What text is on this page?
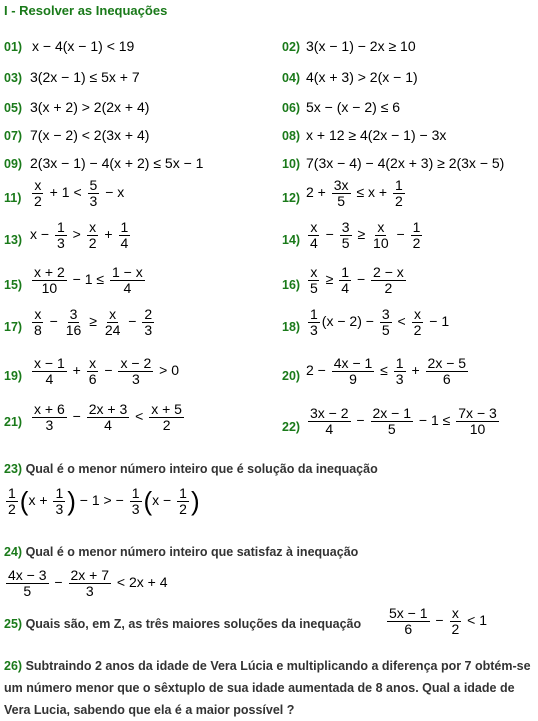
I - Resolver as Inequações
01) x − 4(x − 1) < 19	02) 3(x − 1) − 2x ≥ 10
03) 3(2x − 1) ≤ 5x + 7	04) 4(x + 3) > 2(x − 1)
05) 3(x + 2) > 2(2x + 4)	06) 5x − (x − 2) ≤ 6
07) 7(x − 2) < 2(3x + 4)	08) x + 12 ≥ 4(2x − 1) − 3x
09) 2(3x − 1) − 4(x + 2) ≤ 5x − 1	10) 7(3x − 4) − 4(2x + 3) ≥ 2(3x − 5)
$11) \frac{x}{2} + 1 < \frac{5}{3} - x$	12) $2 + \frac{3x}{5} \le x + \frac{1}{2}$
13) $x - \frac{1}{3} > \frac{x}{2} + \frac{1}{4}$	$14) \frac{x}{4} - \frac{3}{5} \ge \frac{x}{10} - \frac{1}{2}$
$15) \frac{x + 2}{10} - 1 \le \frac{1 - x}{4}$	$16) \frac{x}{5} \ge \frac{1}{4} - \frac{2 - x}{2}$
$17) \frac{x}{8} - \frac{3}{16} \ge \frac{x}{24} - \frac{2}{3}$	$18) \frac{1}{3} (x - 2) - \frac{3}{5} < \frac{x}{2} - 1$
$19) \frac{x - 1}{4} + \frac{x}{6} - \frac{x - 2}{3} > 0$	20) $2 - \frac{4x - 1}{9} \le \frac{1}{3} + \frac{2x - 5}{6}$
$21) \frac{x + 6}{3} - \frac{2x + 3}{4} < \frac{x + 5}{2}$	$22) \frac{3x - 2}{4} - \frac{2x - 1}{5} - 1 \le \frac{7x - 3}{10}$
23) Qual é o menor número inteiro que é solução da inequação
$\frac{1}{2} (x + \frac{1}{3}$ ) − 1 > − $\frac{1}{3} (x - \frac{1}{2}$ )
24) Qual é o menor número inteiro que satisfaz à inequação
$\frac{4x - 3}{5} - \frac{2x + 7}{3} < 2x + 4$
25) Quais são, em Z, as três maiores soluções da inequação $\frac{5x - 1}{6} - \frac{x}{2} < 1$
26) Subtraindo 2 anos da idade de Vera Lúcia e multiplicando a diferença por 7 obtém-se um número menor que o sêxtuplo de sua idade aumentada de 8 anos. Qual a idade de Vera Lucia, sabendo que ela é a maior possível ?
